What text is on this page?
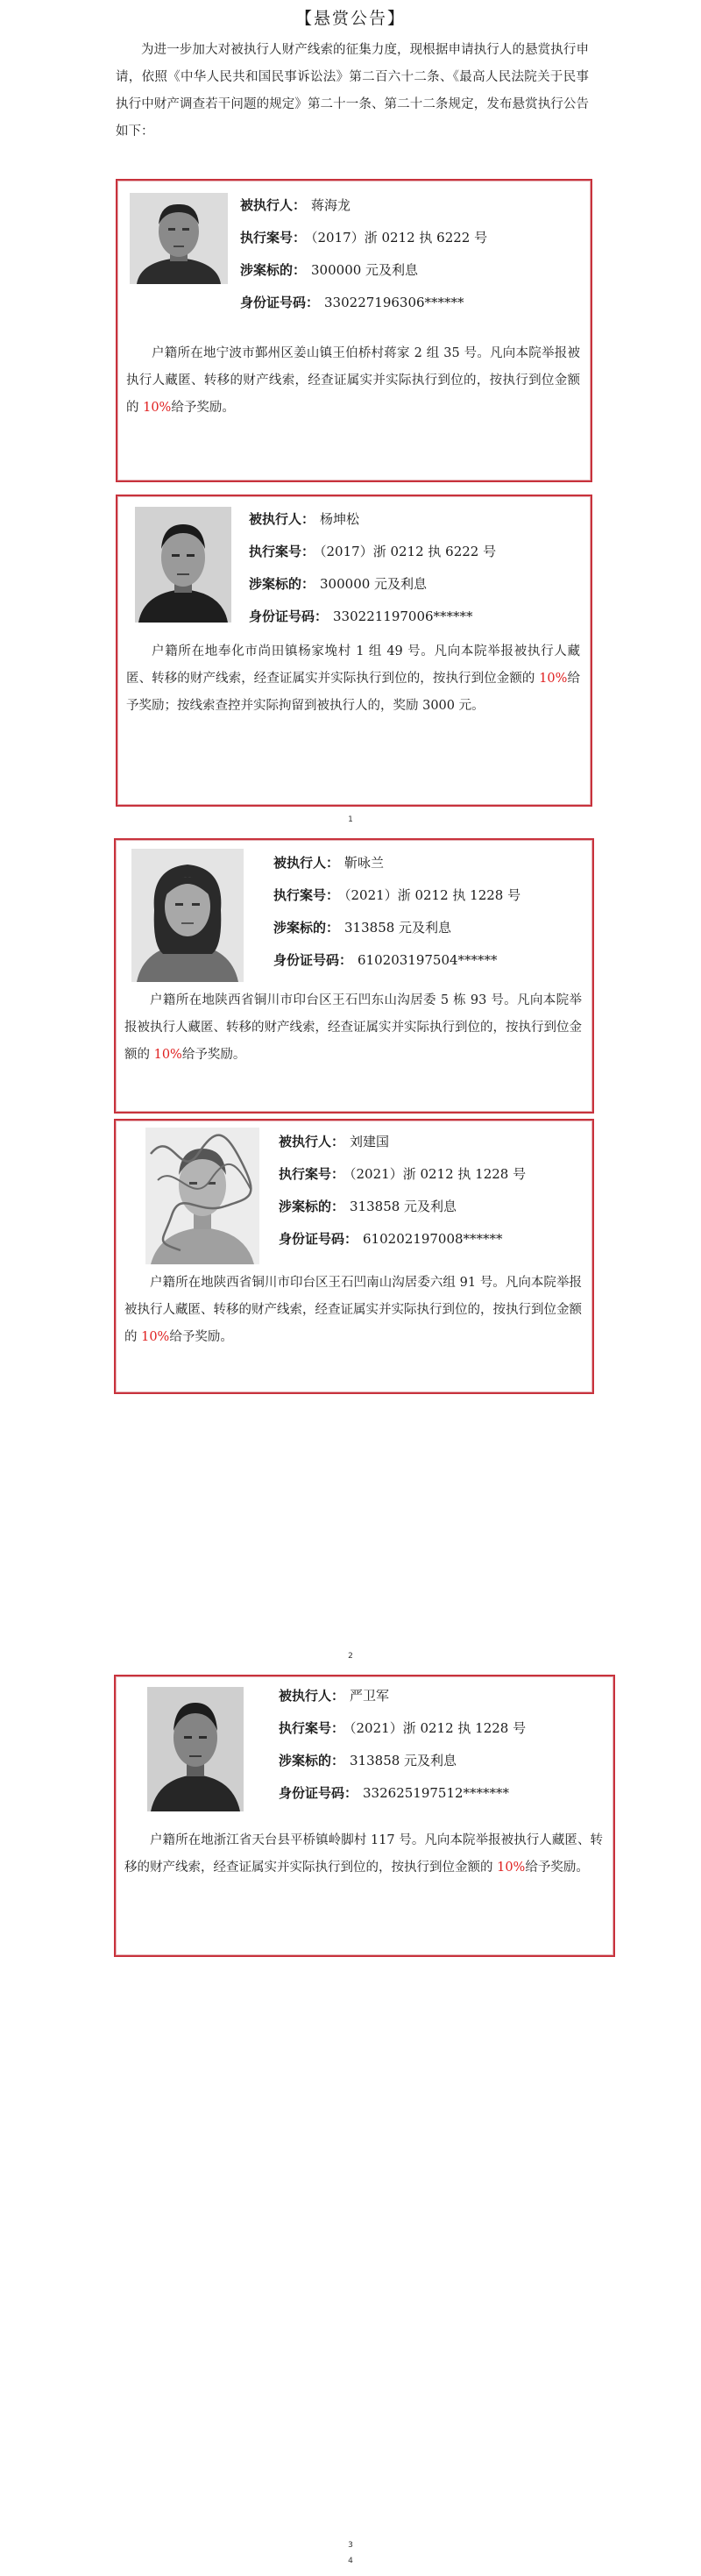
【悬赏公告】
为进一步加大对被执行人财产线索的征集力度，现根据申请执行人的悬赏执行申请，依照《中华人民共和国民事诉讼法》第二百六十二条、《最高人民法院关于民事执行中财产调查若干问题的规定》第二十一条、第二十二条规定，发布悬赏执行公告如下：
被执行人： 蒋海龙
执行案号： （2017）浙 0212 执 6222 号
涉案标的： 300000 元及利息
身份证号码： 330227196306******
户籍所在地宁波市鄞州区姜山镇王伯桥村蒋家 2 组 35 号。凡向本院举报被执行人藏匿、转移的财产线索，经查证属实并实际执行到位的，按执行到位金额的 10%给予奖励。
被执行人： 杨坤松
执行案号： （2017）浙 0212 执 6222 号
涉案标的： 300000 元及利息
身份证号码： 330221197006******
户籍所在地奉化市尚田镇杨家堍村 1 组 49 号。凡向本院举报被执行人藏匿、转移的财产线索，经查证属实并实际执行到位的，按执行到位金额的 10%给予奖励；按线索查控并实际拘留到被执行人的，奖励 3000 元。
1
被执行人： 靳咏兰
执行案号： （2021）浙 0212 执 1228 号
涉案标的： 313858 元及利息
身份证号码： 610203197504******
户籍所在地陕西省铜川市印台区王石凹东山沟居委 5 栋 93 号。凡向本院举报被执行人藏匿、转移的财产线索，经查证属实并实际执行到位的，按执行到位金额的 10%给予奖励。
被执行人： 刘建国
执行案号： （2021）浙 0212 执 1228 号
涉案标的： 313858 元及利息
身份证号码： 610202197008******
户籍所在地陕西省铜川市印台区王石凹南山沟居委六组 91 号。凡向本院举报被执行人藏匿、转移的财产线索，经查证属实并实际执行到位的，按执行到位金额的 10%给予奖励。
2
被执行人： 严卫军
执行案号： （2021）浙 0212 执 1228 号
涉案标的： 313858 元及利息
身份证号码： 332625197512*******
户籍所在地浙江省天台县平桥镇岭脚村 117 号。凡向本院举报被执行人藏匿、转移的财产线索，经查证属实并实际执行到位的，按执行到位金额的 10%给予奖励。
3
4
